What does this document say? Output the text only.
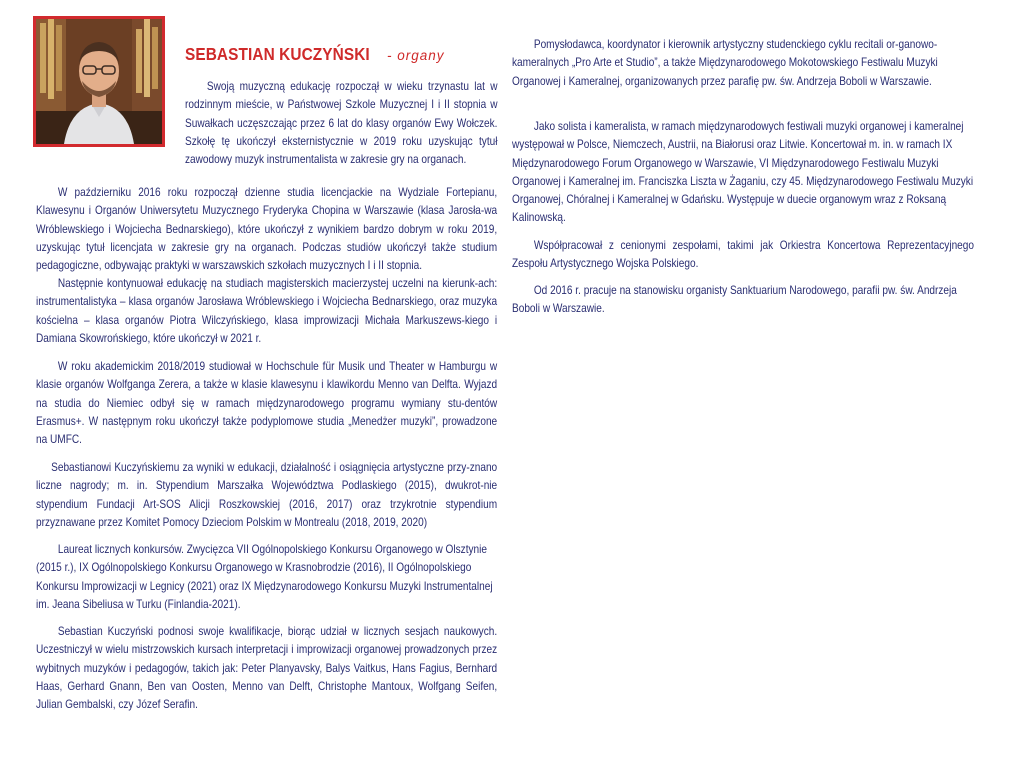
SEBASTIAN KUCZYŃSKI - organy

Swoją muzyczną edukację rozpoczął w wieku trzynastu lat w rodzinnym mieście, w Państwowej Szkole Muzycznej I i II stopnia w Suwałkach uczęszczając przez 6 lat do klasy organów Ewy Wołczek. Szkołę tę ukończył eksternistycznie w 2019 roku uzyskując tytuł zawodowy muzyk instrumentalista w zakresie gry na organach.

W październiku 2016 roku rozpoczął dzienne studia licencjackie na Wydziale Fortepianu, Klawesynu i Organów Uniwersytetu Muzycznego Fryderyka Chopina w Warszawie (klasa Jarosła-wa Wróblewskiego i Wojciecha Bednarskiego), które ukończył z wynikiem bardzo dobrym w roku 2019, uzyskując tytuł licencjata w zakresie gry na organach. Podczas studiów ukończył także studium pedagogiczne, odbywając praktyki w warszawskich szkołach muzycznych I i II stopnia.

Następnie kontynuował edukację na studiach magisterskich macierzystej uczelni na kierunk-ach: instrumentalistyka – klasa organów Jarosława Wróblewskiego i Wojciecha Bednarskiego, oraz muzyka kościelna – klasa organów Piotra Wilczyńskiego, klasa improwizacji Michała Markuszews-kiego i Damiana Skowrońskiego, które ukończył w 2021 r.

W roku akademickim 2018/2019 studiował w Hochschule für Musik und Theater w Hamburgu w klasie organów Wolfganga Zerera, a także w klasie klawesynu i klawikordu Menno van Delfta. Wyjazd na studia do Niemiec odbył się w ramach międzynarodowego programu wymiany stu-dentów Erasmus+. W następnym roku ukończył także podyplomowe studia „Menedżer muzyki”, prowadzone na UMFC.

Sebastianowi Kuczyńskiemu za wyniki w edukacji, działalność i osiągnięcia artystyczne przy-znano liczne nagrody; m. in. Stypendium Marszałka Województwa Podlaskiego (2015), dwukrot-nie stypendium Fundacji Art-SOS Alicji Roszkowskiej (2016, 2017) oraz trzykrotnie stypendium przyznawane przez Komitet Pomocy Dzieciom Polskim w Montrealu (2018, 2019, 2020)

Laureat licznych konkursów. Zwycięzca VII Ogólnopolskiego Konkursu Organowego w Olsztynie (2015 r.), IX Ogólnopolskiego Konkursu Organowego w Krasnobrodzie (2016), II Ogólnopolskiego Konkursu Improwizacji w Legnicy (2021) oraz IX Międzynarodowego Konkursu Muzyki Instrumentalnej im. Jeana Sibeliusa w Turku (Finlandia-2021).

Sebastian Kuczyński podnosi swoje kwalifikacje, biorąc udział w licznych sesjach naukowych. Uczestniczył w wielu mistrzowskich kursach interpretacji i improwizacji organowej prowadzonych przez wybitnych muzyków i pedagogów, takich jak: Peter Planyavsky, Balys Vaitkus, Hans Fagius, Bernhard Haas, Gerhard Gnann, Ben van Oosten, Menno van Delft, Christophe Mantoux, Wolfgang Seifen, Julian Gembalski, czy Józef Serafin.

Pomysłodawca, koordynator i kierownik artystyczny studenckiego cyklu recitali or-ganowo-kameralnych „Pro Arte et Studio”, a także Międzynarodowego Mokotowskiego Festiwalu Muzyki Organowej i Kameralnej, organizowanych przez parafię pw. św. Andrzeja Boboli w Warszawie.

Jako solista i kameralista, w ramach międzynarodowych festiwali muzyki organowej i kameralnej występował w Polsce, Niemczech, Austrii, na Białorusi oraz Litwie. Koncertował m. in. w ramach IX Międzynarodowego Forum Organowego w Warszawie, VI Międzynarodowego Festiwalu Muzyki Organowej i Kameralnej im. Franciszka Liszta w Żaganiu, czy 45. Międzynarodowego Festiwalu Muzyki Organowej, Chóralnej i Kameralnej w Gdańsku. Występuje w duecie organowym wraz z Roksaną Kalinowską.

Współpracował z cenionymi zespołami, takimi jak Orkiestra Koncertowa Reprezentacyjnego Zespołu Artystycznego Wojska Polskiego.

Od 2016 r. pracuje na stanowisku organisty Sanktuarium Narodowego, parafii pw. św. Andrzeja Boboli w Warszawie.
